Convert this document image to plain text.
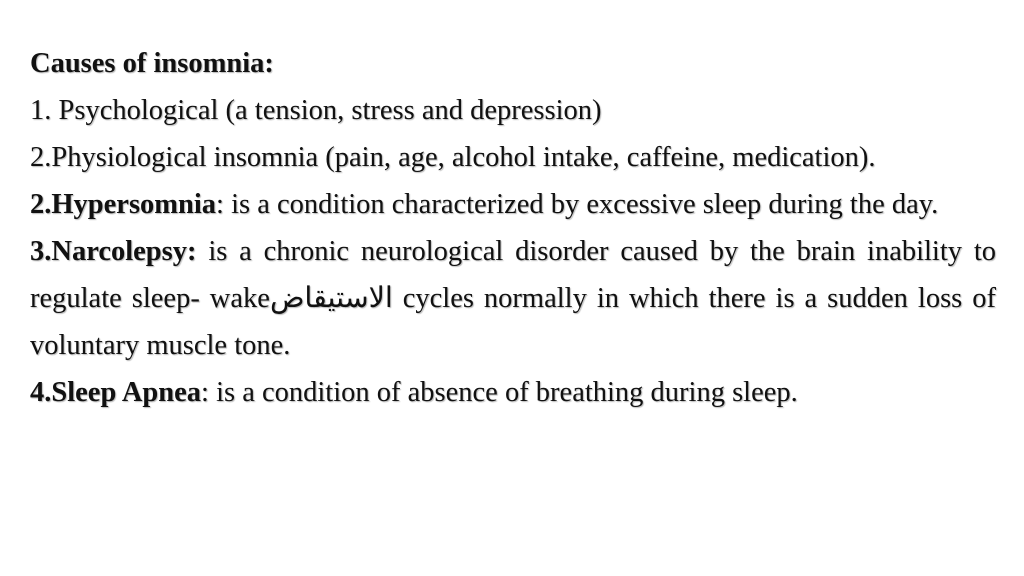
Causes of insomnia:

1. Psychological (a tension, stress and depression)

2.Physiological insomnia (pain, age, alcohol intake, caffeine, medication).

2.Hypersomnia: is a condition characterized by excessive sleep during the day.

3.Narcolepsy: is a chronic neurological disorder caused by the brain inability to regulate sleep- wakeالاستيقاض cycles normally in which there is a sudden loss of voluntary muscle tone.

4.Sleep Apnea: is a condition of absence of breathing during sleep.
